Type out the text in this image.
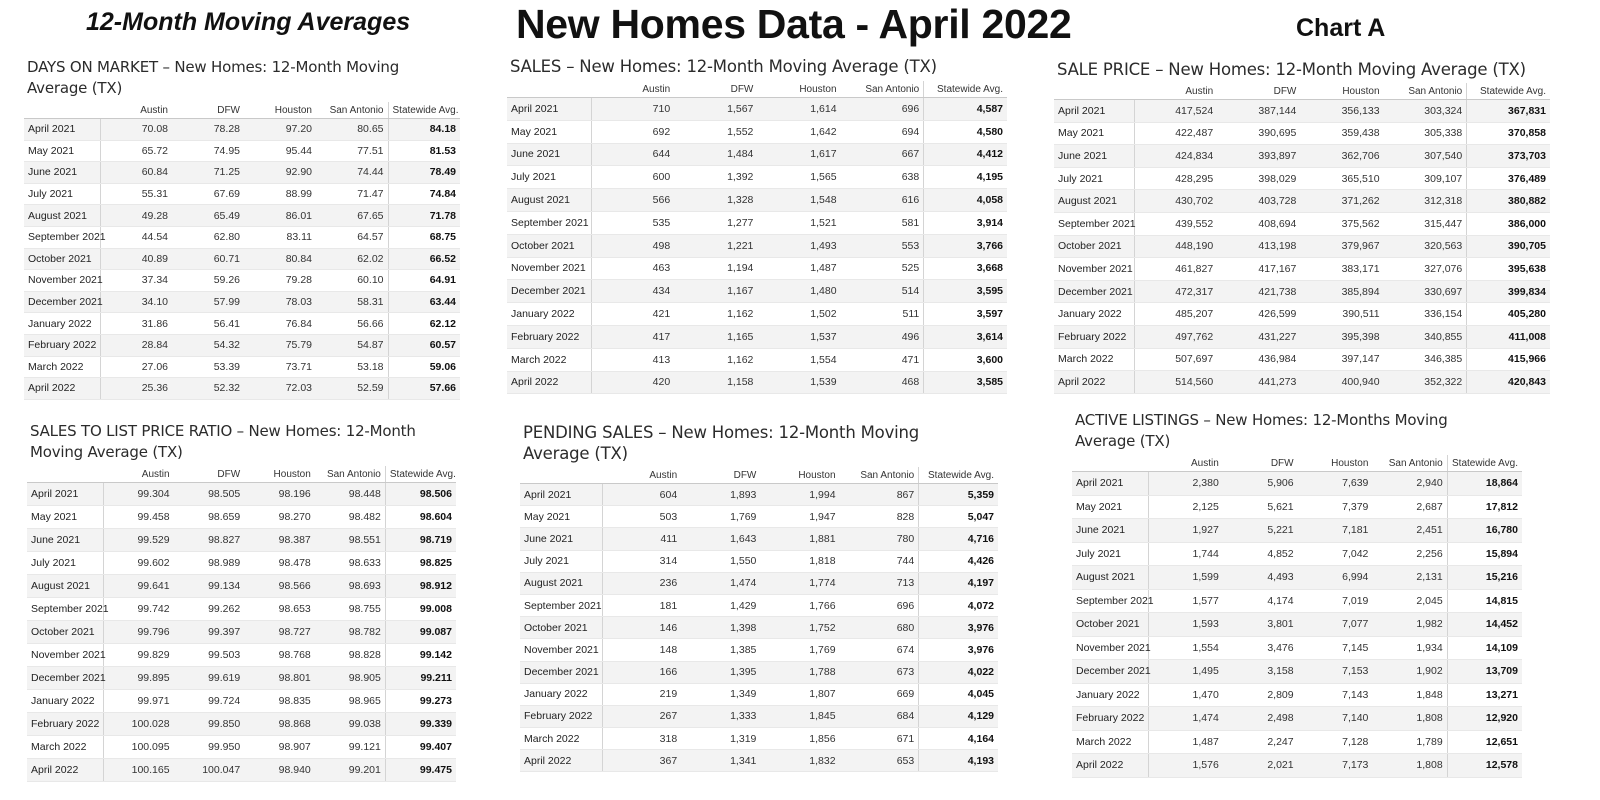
12-Month Moving Averages	New Homes Data - April 2022	Chart A
DAYS ON MARKET – New Homes: 12-Month Moving Average (TX)
	Austin	DFW	Houston	San Antonio	Statewide Avg.
April 2021	70.08	78.28	97.20	80.65	84.18
May 2021	65.72	74.95	95.44	77.51	81.53
June 2021	60.84	71.25	92.90	74.44	78.49
July 2021	55.31	67.69	88.99	71.47	74.84
August 2021	49.28	65.49	86.01	67.65	71.78
September 2021	44.54	62.80	83.11	64.57	68.75
October 2021	40.89	60.71	80.84	62.02	66.52
November 2021	37.34	59.26	79.28	60.10	64.91
December 2021	34.10	57.99	78.03	58.31	63.44
January 2022	31.86	56.41	76.84	56.66	62.12
February 2022	28.84	54.32	75.79	54.87	60.57
March 2022	27.06	53.39	73.71	53.18	59.06
April 2022	25.36	52.32	72.03	52.59	57.66
SALES – New Homes: 12-Month Moving Average (TX)
	Austin	DFW	Houston	San Antonio	Statewide Avg.
April 2021	710	1,567	1,614	696	4,587
May 2021	692	1,552	1,642	694	4,580
June 2021	644	1,484	1,617	667	4,412
July 2021	600	1,392	1,565	638	4,195
August 2021	566	1,328	1,548	616	4,058
September 2021	535	1,277	1,521	581	3,914
October 2021	498	1,221	1,493	553	3,766
November 2021	463	1,194	1,487	525	3,668
December 2021	434	1,167	1,480	514	3,595
January 2022	421	1,162	1,502	511	3,597
February 2022	417	1,165	1,537	496	3,614
March 2022	413	1,162	1,554	471	3,600
April 2022	420	1,158	1,539	468	3,585
SALE PRICE – New Homes: 12-Month Moving Average (TX)
	Austin	DFW	Houston	San Antonio	Statewide Avg.
April 2021	417,524	387,144	356,133	303,324	367,831
May 2021	422,487	390,695	359,438	305,338	370,858
June 2021	424,834	393,897	362,706	307,540	373,703
July 2021	428,295	398,029	365,510	309,107	376,489
August 2021	430,702	403,728	371,262	312,318	380,882
September 2021	439,552	408,694	375,562	315,447	386,000
October 2021	448,190	413,198	379,967	320,563	390,705
November 2021	461,827	417,167	383,171	327,076	395,638
December 2021	472,317	421,738	385,894	330,697	399,834
January 2022	485,207	426,599	390,511	336,154	405,280
February 2022	497,762	431,227	395,398	340,855	411,008
March 2022	507,697	436,984	397,147	346,385	415,966
April 2022	514,560	441,273	400,940	352,322	420,843
SALES TO LIST PRICE RATIO – New Homes: 12-Month Moving Average (TX)
	Austin	DFW	Houston	San Antonio	Statewide Avg.
April 2021	99.304	98.505	98.196	98.448	98.506
May 2021	99.458	98.659	98.270	98.482	98.604
June 2021	99.529	98.827	98.387	98.551	98.719
July 2021	99.602	98.989	98.478	98.633	98.825
August 2021	99.641	99.134	98.566	98.693	98.912
September 2021	99.742	99.262	98.653	98.755	99.008
October 2021	99.796	99.397	98.727	98.782	99.087
November 2021	99.829	99.503	98.768	98.828	99.142
December 2021	99.895	99.619	98.801	98.905	99.211
January 2022	99.971	99.724	98.835	98.965	99.273
February 2022	100.028	99.850	98.868	99.038	99.339
March 2022	100.095	99.950	98.907	99.121	99.407
April 2022	100.165	100.047	98.940	99.201	99.475
PENDING SALES – New Homes: 12-Month Moving Average (TX)
	Austin	DFW	Houston	San Antonio	Statewide Avg.
April 2021	604	1,893	1,994	867	5,359
May 2021	503	1,769	1,947	828	5,047
June 2021	411	1,643	1,881	780	4,716
July 2021	314	1,550	1,818	744	4,426
August 2021	236	1,474	1,774	713	4,197
September 2021	181	1,429	1,766	696	4,072
October 2021	146	1,398	1,752	680	3,976
November 2021	148	1,385	1,769	674	3,976
December 2021	166	1,395	1,788	673	4,022
January 2022	219	1,349	1,807	669	4,045
February 2022	267	1,333	1,845	684	4,129
March 2022	318	1,319	1,856	671	4,164
April 2022	367	1,341	1,832	653	4,193
ACTIVE LISTINGS – New Homes: 12-Months Moving Average (TX)
	Austin	DFW	Houston	San Antonio	Statewide Avg.
April 2021	2,380	5,906	7,639	2,940	18,864
May 2021	2,125	5,621	7,379	2,687	17,812
June 2021	1,927	5,221	7,181	2,451	16,780
July 2021	1,744	4,852	7,042	2,256	15,894
August 2021	1,599	4,493	6,994	2,131	15,216
September 2021	1,577	4,174	7,019	2,045	14,815
October 2021	1,593	3,801	7,077	1,982	14,452
November 2021	1,554	3,476	7,145	1,934	14,109
December 2021	1,495	3,158	7,153	1,902	13,709
January 2022	1,470	2,809	7,143	1,848	13,271
February 2022	1,474	2,498	7,140	1,808	12,920
March 2022	1,487	2,247	7,128	1,789	12,651
April 2022	1,576	2,021	7,173	1,808	12,578
